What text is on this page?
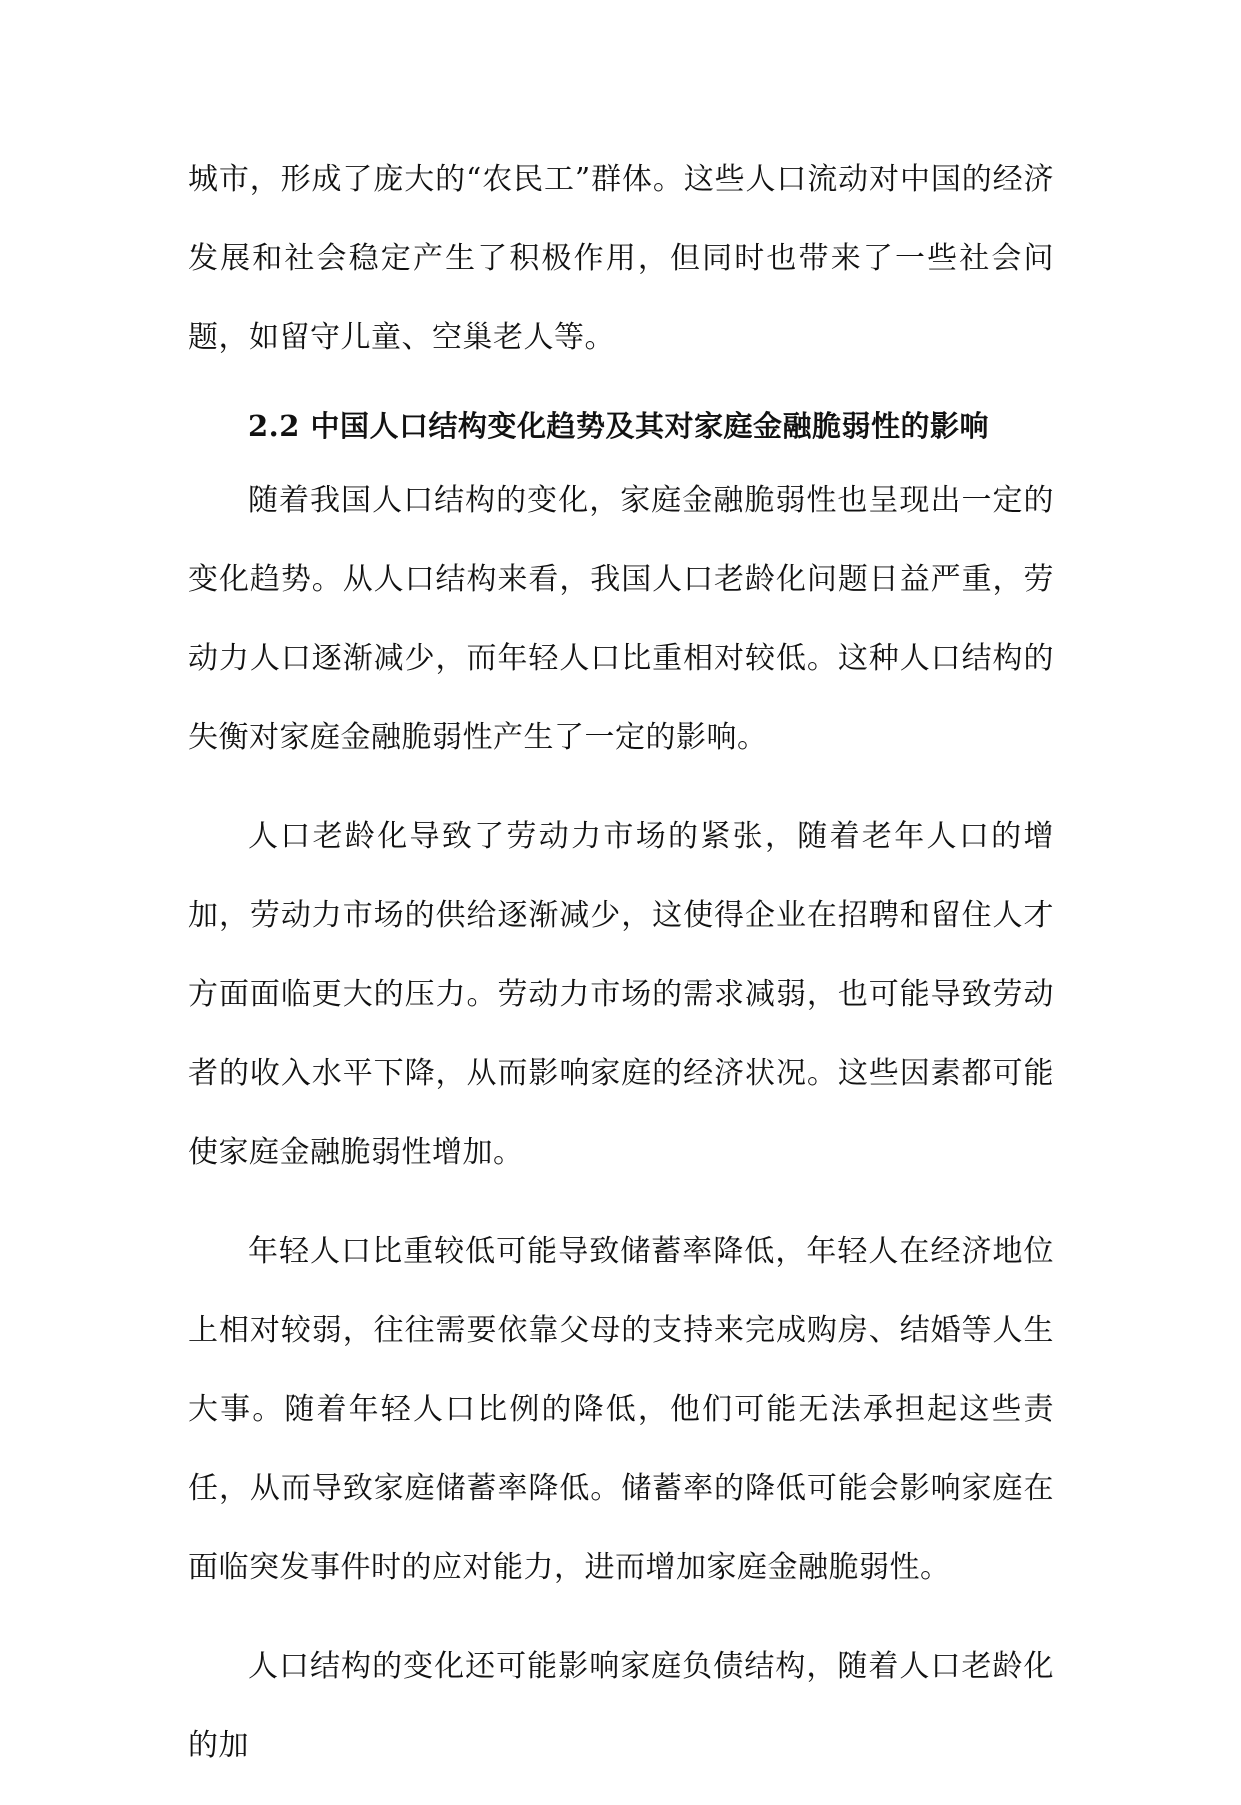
城市，形成了庞大的“农民工”群体。这些人口流动对中国的经济发展和社会稳定产生了积极作用，但同时也带来了一些社会问题，如留守儿童、空巢老人等。

2.2 中国人口结构变化趋势及其对家庭金融脆弱性的影响

随着我国人口结构的变化，家庭金融脆弱性也呈现出一定的变化趋势。从人口结构来看，我国人口老龄化问题日益严重，劳动力人口逐渐减少，而年轻人口比重相对较低。这种人口结构的失衡对家庭金融脆弱性产生了一定的影响。

人口老龄化导致了劳动力市场的紧张，随着老年人口的增加，劳动力市场的供给逐渐减少，这使得企业在招聘和留住人才方面面临更大的压力。劳动力市场的需求减弱，也可能导致劳动者的收入水平下降，从而影响家庭的经济状况。这些因素都可能使家庭金融脆弱性增加。

年轻人口比重较低可能导致储蓄率降低，年轻人在经济地位上相对较弱，往往需要依靠父母的支持来完成购房、结婚等人生大事。随着年轻人口比例的降低，他们可能无法承担起这些责任，从而导致家庭储蓄率降低。储蓄率的降低可能会影响家庭在面临突发事件时的应对能力，进而增加家庭金融脆弱性。

人口结构的变化还可能影响家庭负债结构，随着人口老龄化的加
